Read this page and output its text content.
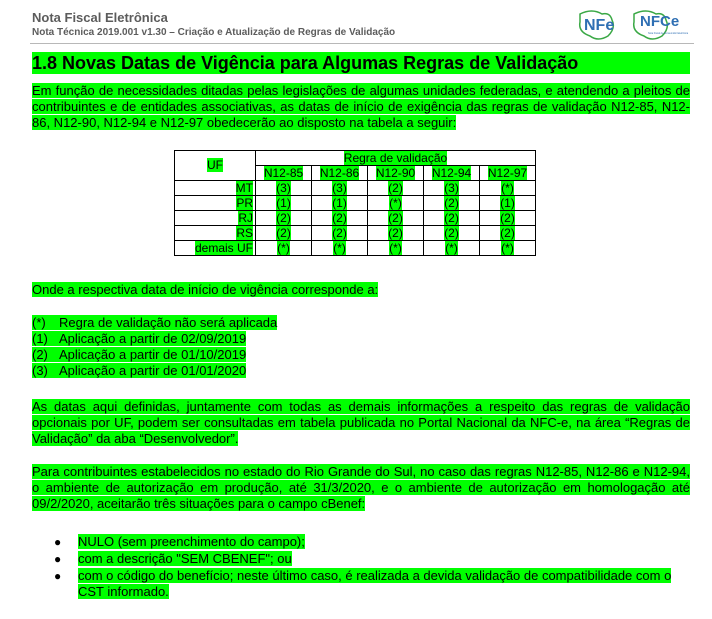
Nota Fiscal Eletrônica
Nota Técnica 2019.001 v1.30 – Criação e Atualização de Regras de Validação	NFe NFCe
Nota Fiscal de Consumidor Eletrônica
1.8 Novas Datas de Vigência para Algumas Regras de Validação
Em função de necessidades ditadas pelas legislações de algumas unidades federadas, e atendendo a pleitos de contribuintes e de entidades associativas, as datas de início de exigência das regras de validação N12-85, N12-86, N12-90, N12-94 e N12-97 obedecerão ao disposto na tabela a seguir:
UF	Regra de validação				
	N12-85	N12-86	N12-90	N12-94	N12-97
MT	(3)	(3)	(2)	(3)	(*)
PR	(1)	(1)	(*)	(2)	(1)
RJ	(2)	(2)	(2)	(2)	(2)
RS	(2)	(2)	(2)	(2)	(2)
demais UF	(*)	(*)	(*)	(*)	(*)
Onde a respectiva data de início de vigência corresponde a:
(*) Regra de validação não será aplicada
(1) Aplicação a partir de 02/09/2019
(2) Aplicação a partir de 01/10/2019
(3) Aplicação a partir de 01/01/2020
As datas aqui definidas, juntamente com todas as demais informações a respeito das regras de validação opcionais por UF, podem ser consultadas em tabela publicada no Portal Nacional da NFC-e, na área “Regras de Validação” da aba “Desenvolvedor”.
Para contribuintes estabelecidos no estado do Rio Grande do Sul, no caso das regras N12-85, N12-86 e N12-94, o ambiente de autorização em produção, até 31/3/2020, e o ambiente de autorização em homologação até 09/2/2020, aceitarão três situações para o campo cBenef:
● NULO (sem preenchimento do campo);
● com a descrição "SEM CBENEF"; ou
● com o código do benefício; neste último caso, é realizada a devida validação de compatibilidade com o CST informado.
